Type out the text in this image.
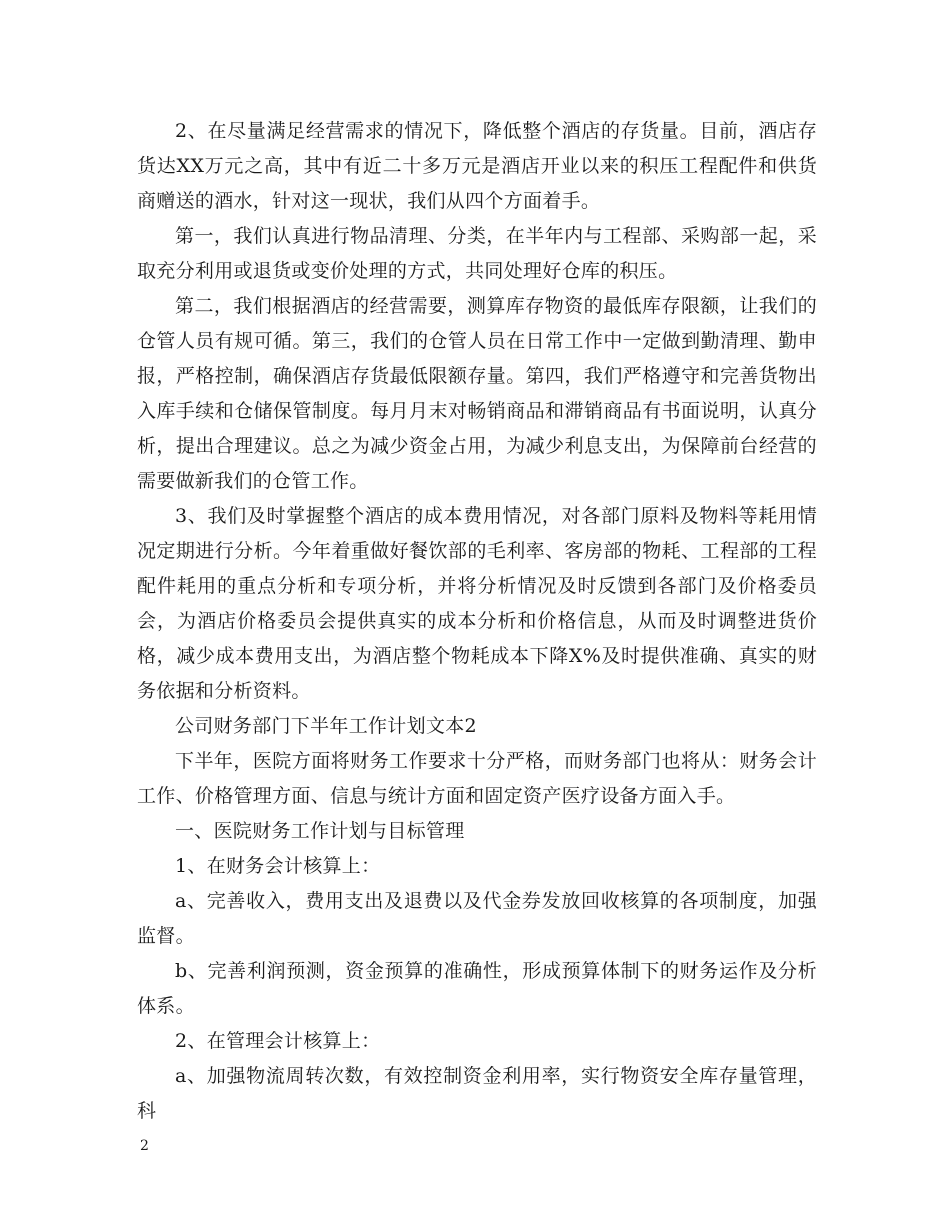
2、在尽量满足经营需求的情况下，降低整个酒店的存货量。目前，酒店存货达XX万元之高，其中有近二十多万元是酒店开业以来的积压工程配件和供货商赠送的酒水，针对这一现状，我们从四个方面着手。

第一，我们认真进行物品清理、分类，在半年内与工程部、采购部一起，采取充分利用或退货或变价处理的方式，共同处理好仓库的积压。

第二，我们根据酒店的经营需要，测算库存物资的最低库存限额，让我们的仓管人员有规可循。第三，我们的仓管人员在日常工作中一定做到勤清理、勤申报，严格控制，确保酒店存货最低限额存量。第四，我们严格遵守和完善货物出入库手续和仓储保管制度。每月月末对畅销商品和滞销商品有书面说明，认真分析，提出合理建议。总之为减少资金占用，为减少利息支出，为保障前台经营的需要做新我们的仓管工作。

3、我们及时掌握整个酒店的成本费用情况，对各部门原料及物料等耗用情况定期进行分析。今年着重做好餐饮部的毛利率、客房部的物耗、工程部的工程配件耗用的重点分析和专项分析，并将分析情况及时反馈到各部门及价格委员会，为酒店价格委员会提供真实的成本分析和价格信息，从而及时调整进货价格，减少成本费用支出，为酒店整个物耗成本下降X%及时提供准确、真实的财务依据和分析资料。

公司财务部门下半年工作计划文本2

下半年，医院方面将财务工作要求十分严格，而财务部门也将从：财务会计工作、价格管理方面、信息与统计方面和固定资产医疗设备方面入手。

一、医院财务工作计划与目标管理

1、在财务会计核算上：

a、完善收入，费用支出及退费以及代金券发放回收核算的各项制度，加强监督。

b、完善利润预测，资金预算的准确性，形成预算体制下的财务运作及分析体系。

2、在管理会计核算上：

a、加强物流周转次数，有效控制资金利用率，实行物资安全库存量管理，科

2
